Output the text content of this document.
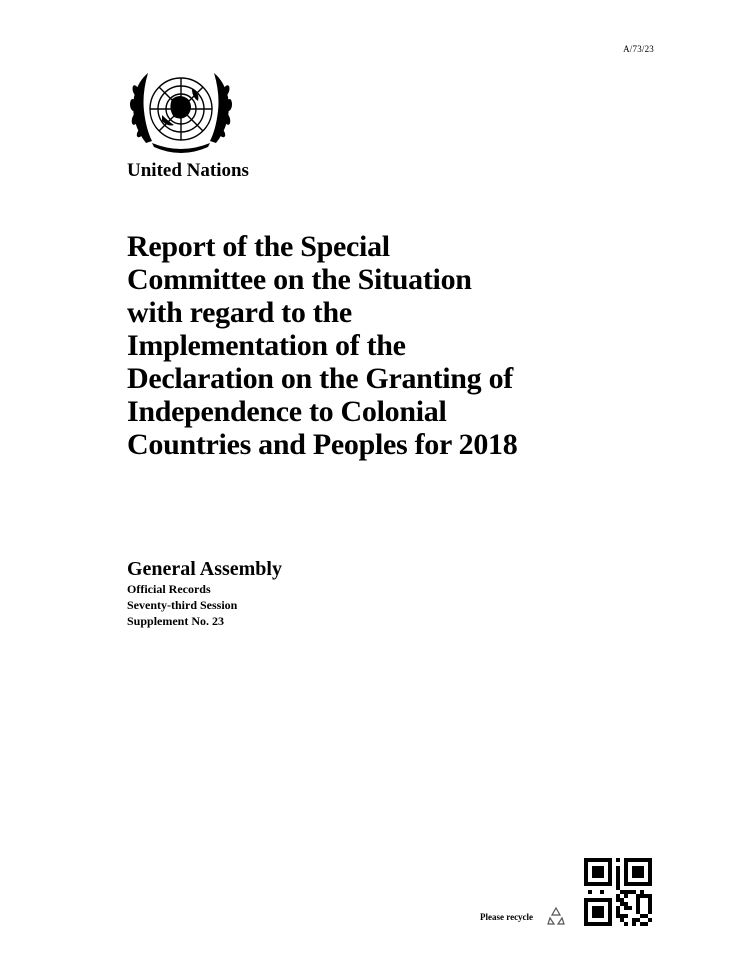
A/73/23
United Nations
Report of the Special
Committee on the Situation
with regard to the
Implementation of the
Declaration on the Granting of
Independence to Colonial
Countries and Peoples for 2018
General Assembly
Official Records
Seventy-third Session
Supplement No. 23
Please recycle
